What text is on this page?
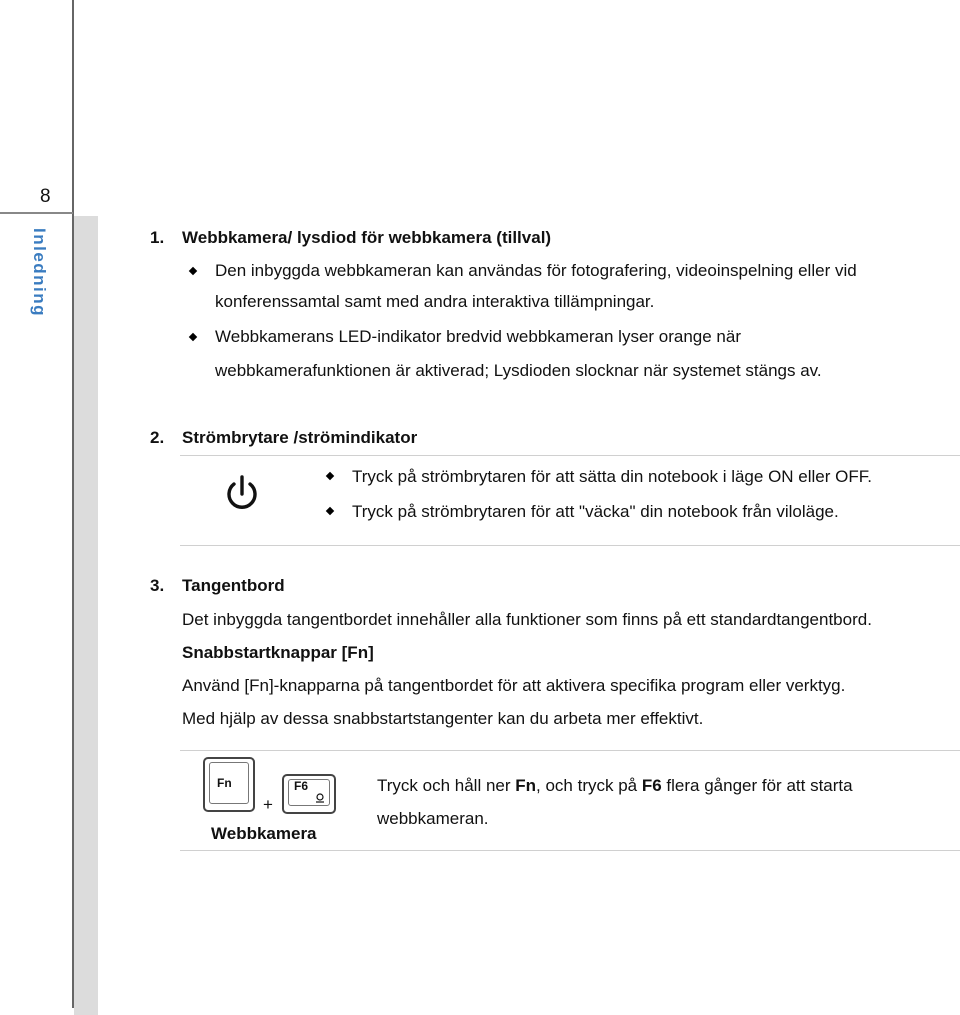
8
Inledning	1. Webbkamera/ lysdiod för webbkamera (tillval)
Den inbyggda webbkameran kan användas för fotografering, videoinspelning eller vid
konferenssamtal samt med andra interaktiva tillämpningar.
Webbkamerans LED-indikator bredvid webbkameran lyser orange när
webbkamerafunktionen är aktiverad; Lysdioden slocknar när systemet stängs av.
2. Strömbrytare /strömindikator
Tryck på strömbrytaren för att sätta din notebook i läge ON eller OFF.
Tryck på strömbrytaren för att "väcka" din notebook från viloläge.
3. Tangentbord
Det inbyggda tangentbordet innehåller alla funktioner som finns på ett standardtangentbord.
Snabbstartknappar [Fn]
Använd [Fn]-knapparna på tangentbordet för att aktivera specifika program eller verktyg.
Med hjälp av dessa snabbstartstangenter kan du arbeta mer effektivt.
Fn
+
F6
Webbkamera
Tryck och håll ner Fn, och tryck på F6 flera gånger för att starta
webbkameran.
